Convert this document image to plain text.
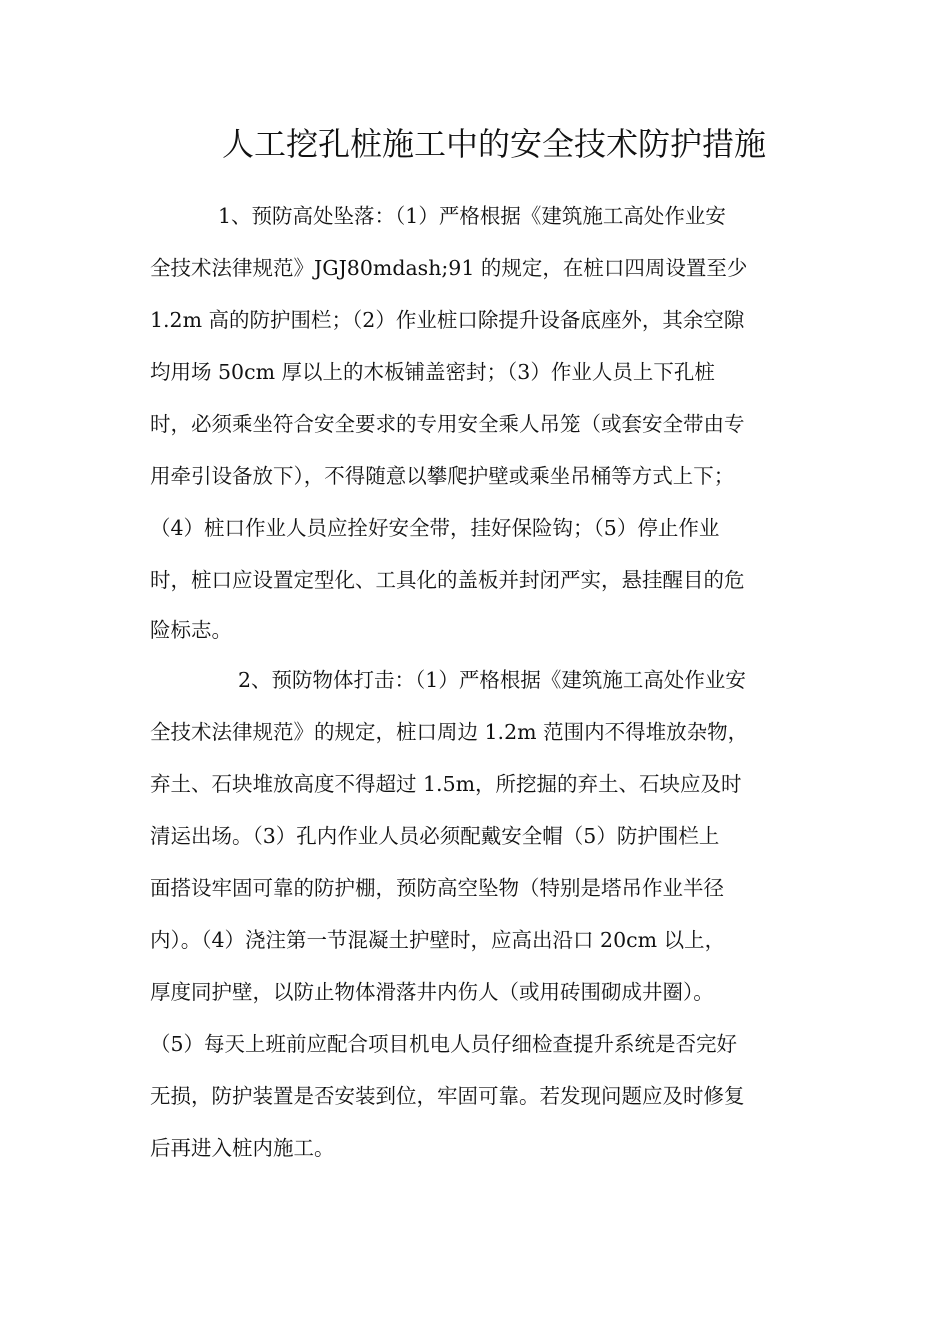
人工挖孔桩施工中的安全技术防护措施
1、预防高处坠落：（1）严格根据《建筑施工高处作业安
全技术法律规范》JGJ80mdash;91 的规定，在桩口四周设置至少
1.2m 高的防护围栏；（2）作业桩口除提升设备底座外，其余空隙
均用场 50cm 厚以上的木板铺盖密封；（3）作业人员上下孔桩
时，必须乘坐符合安全要求的专用安全乘人吊笼（或套安全带由专
用牵引设备放下），不得随意以攀爬护壁或乘坐吊桶等方式上下；
（4）桩口作业人员应拴好安全带，挂好保险钩；（5）停止作业
时，桩口应设置定型化、工具化的盖板并封闭严实，悬挂醒目的危
险标志。
2、预防物体打击：（1）严格根据《建筑施工高处作业安
全技术法律规范》的规定，桩口周边 1.2m 范围内不得堆放杂物，
弃土、石块堆放高度不得超过 1.5m，所挖掘的弃土、石块应及时
清运出场。（3）孔内作业人员必须配戴安全帽（5）防护围栏上
面搭设牢固可靠的防护棚，预防高空坠物（特别是塔吊作业半径
内）。（4）浇注第一节混凝土护壁时，应高出沿口 20cm 以上，
厚度同护壁，以防止物体滑落井内伤人（或用砖围砌成井圈）。
（5）每天上班前应配合项目机电人员仔细检查提升系统是否完好
无损，防护装置是否安装到位，牢固可靠。若发现问题应及时修复
后再进入桩内施工。
